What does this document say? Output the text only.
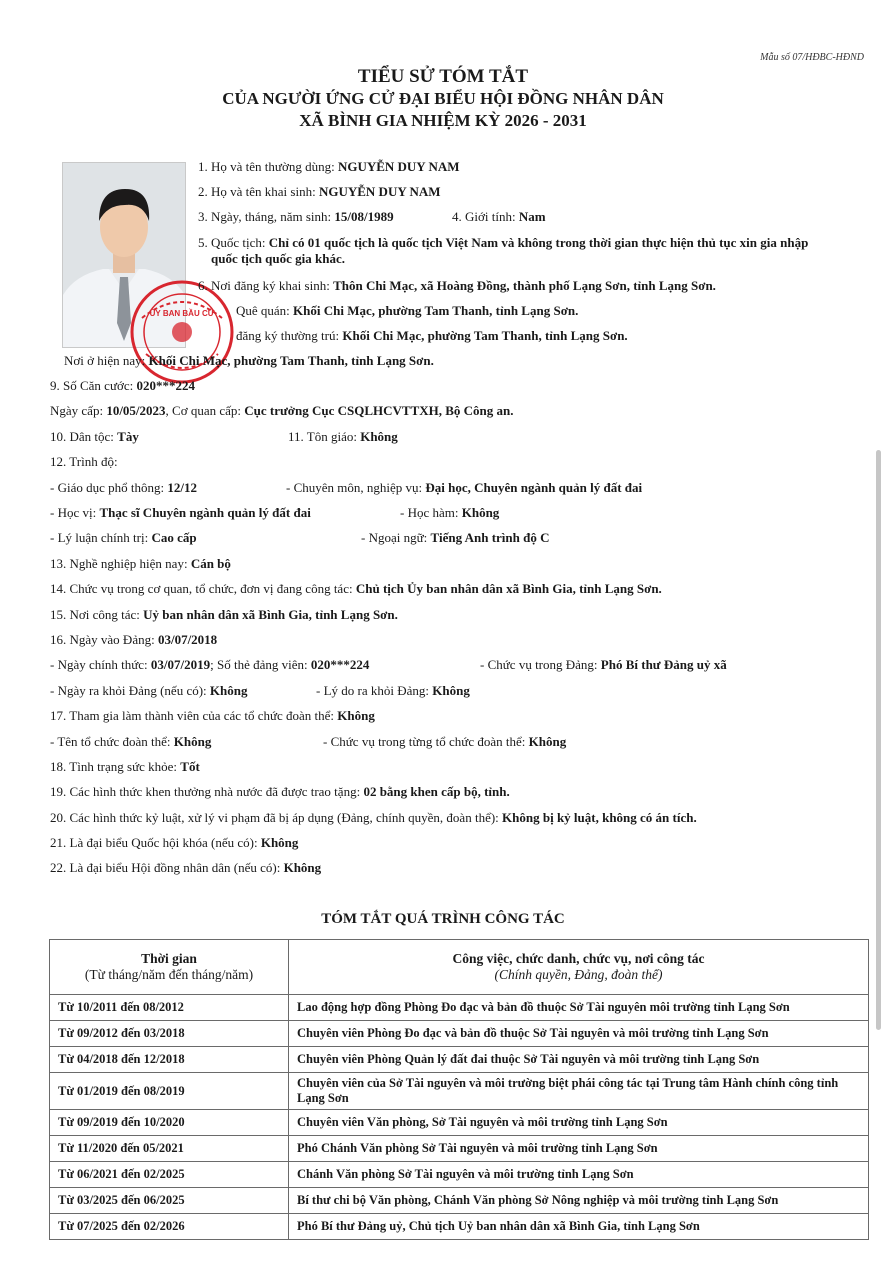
Mẫu số 07/HĐBC-HĐND
TIỂU SỬ TÓM TẮT
CỦA NGƯỜI ỨNG CỬ ĐẠI BIỂU HỘI ĐỒNG NHÂN DÂN
XÃ BÌNH GIA NHIỆM KỲ 2026 - 2031
ỦY BAN BẦU CỬ
1. Họ và tên thường dùng: NGUYỄN DUY NAM
2. Họ và tên khai sinh: NGUYỄN DUY NAM
3. Ngày, tháng, năm sinh: 15/08/1989	4. Giới tính: Nam
5. Quốc tịch: Chỉ có 01 quốc tịch là quốc tịch Việt Nam và không trong thời gian thực hiện thủ tục xin gia nhập
quốc tịch quốc gia khác.
6. Nơi đăng ký khai sinh: Thôn Chi Mạc, xã Hoàng Đồng, thành phố Lạng Sơn, tỉnh Lạng Sơn.
Quê quán: Khối Chi Mạc, phường Tam Thanh, tỉnh Lạng Sơn.
đăng ký thường trú: Khối Chi Mạc, phường Tam Thanh, tỉnh Lạng Sơn.
Nơi ở hiện nay: Khối Chi Mạc, phường Tam Thanh, tỉnh Lạng Sơn.
9. Số Căn cước: 020***224
Ngày cấp: 10/05/2023, Cơ quan cấp: Cục trưởng Cục CSQLHCVTTXH, Bộ Công an.
10. Dân tộc: Tày	11. Tôn giáo: Không
12. Trình độ:
- Giáo dục phổ thông: 12/12	- Chuyên môn, nghiệp vụ: Đại học, Chuyên ngành quản lý đất đai
- Học vị: Thạc sĩ Chuyên ngành quản lý đất đai	- Học hàm: Không
- Lý luận chính trị: Cao cấp	- Ngoại ngữ: Tiếng Anh trình độ C
13. Nghề nghiệp hiện nay: Cán bộ
14. Chức vụ trong cơ quan, tổ chức, đơn vị đang công tác: Chủ tịch Ủy ban nhân dân xã Bình Gia, tỉnh Lạng Sơn.
15. Nơi công tác: Uỷ ban nhân dân xã Bình Gia, tỉnh Lạng Sơn.
16. Ngày vào Đảng: 03/07/2018
- Ngày chính thức: 03/07/2019; Số thẻ đảng viên: 020***224	- Chức vụ trong Đảng: Phó Bí thư Đảng uỷ xã
- Ngày ra khỏi Đảng (nếu có): Không	- Lý do ra khỏi Đảng: Không
17. Tham gia làm thành viên của các tổ chức đoàn thể: Không
- Tên tổ chức đoàn thể: Không	- Chức vụ trong từng tổ chức đoàn thể: Không
18. Tình trạng sức khỏe: Tốt
19. Các hình thức khen thưởng nhà nước đã được trao tặng: 02 bằng khen cấp bộ, tỉnh.
20. Các hình thức kỷ luật, xử lý vi phạm đã bị áp dụng (Đảng, chính quyền, đoàn thể): Không bị kỷ luật, không có án tích.
21. Là đại biểu Quốc hội khóa (nếu có): Không
22. Là đại biểu Hội đồng nhân dân (nếu có): Không
TÓM TẮT QUÁ TRÌNH CÔNG TÁC
Thời gian
(Từ tháng/năm đến tháng/năm)	Công việc, chức danh, chức vụ, nơi công tác
(Chính quyền, Đảng, đoàn thể)

Từ 10/2011 đến 08/2012	Lao động hợp đồng Phòng Đo đạc và bản đồ thuộc Sở Tài nguyên môi trường tỉnh Lạng Sơn
Từ 09/2012 đến 03/2018	Chuyên viên Phòng Đo đạc và bản đồ thuộc Sở Tài nguyên và môi trường tỉnh Lạng Sơn
Từ 04/2018 đến 12/2018	Chuyên viên Phòng Quản lý đất đai thuộc Sở Tài nguyên và môi trường tỉnh Lạng Sơn
Từ 01/2019 đến 08/2019	Chuyên viên của Sở Tài nguyên và môi trường biệt phái công tác tại Trung tâm Hành chính công tỉnh Lạng Sơn
Từ 09/2019 đến 10/2020	Chuyên viên Văn phòng, Sở Tài nguyên và môi trường tỉnh Lạng Sơn
Từ 11/2020 đến 05/2021	Phó Chánh Văn phòng Sở Tài nguyên và môi trường tỉnh Lạng Sơn
Từ 06/2021 đến 02/2025	Chánh Văn phòng Sở Tài nguyên và môi trường tỉnh Lạng Sơn
Từ 03/2025 đến 06/2025	Bí thư chi bộ Văn phòng, Chánh Văn phòng Sở Nông nghiệp và môi trường tỉnh Lạng Sơn
Từ 07/2025 đến 02/2026	Phó Bí thư Đảng uỷ, Chủ tịch Uỷ ban nhân dân xã Bình Gia, tỉnh Lạng Sơn
